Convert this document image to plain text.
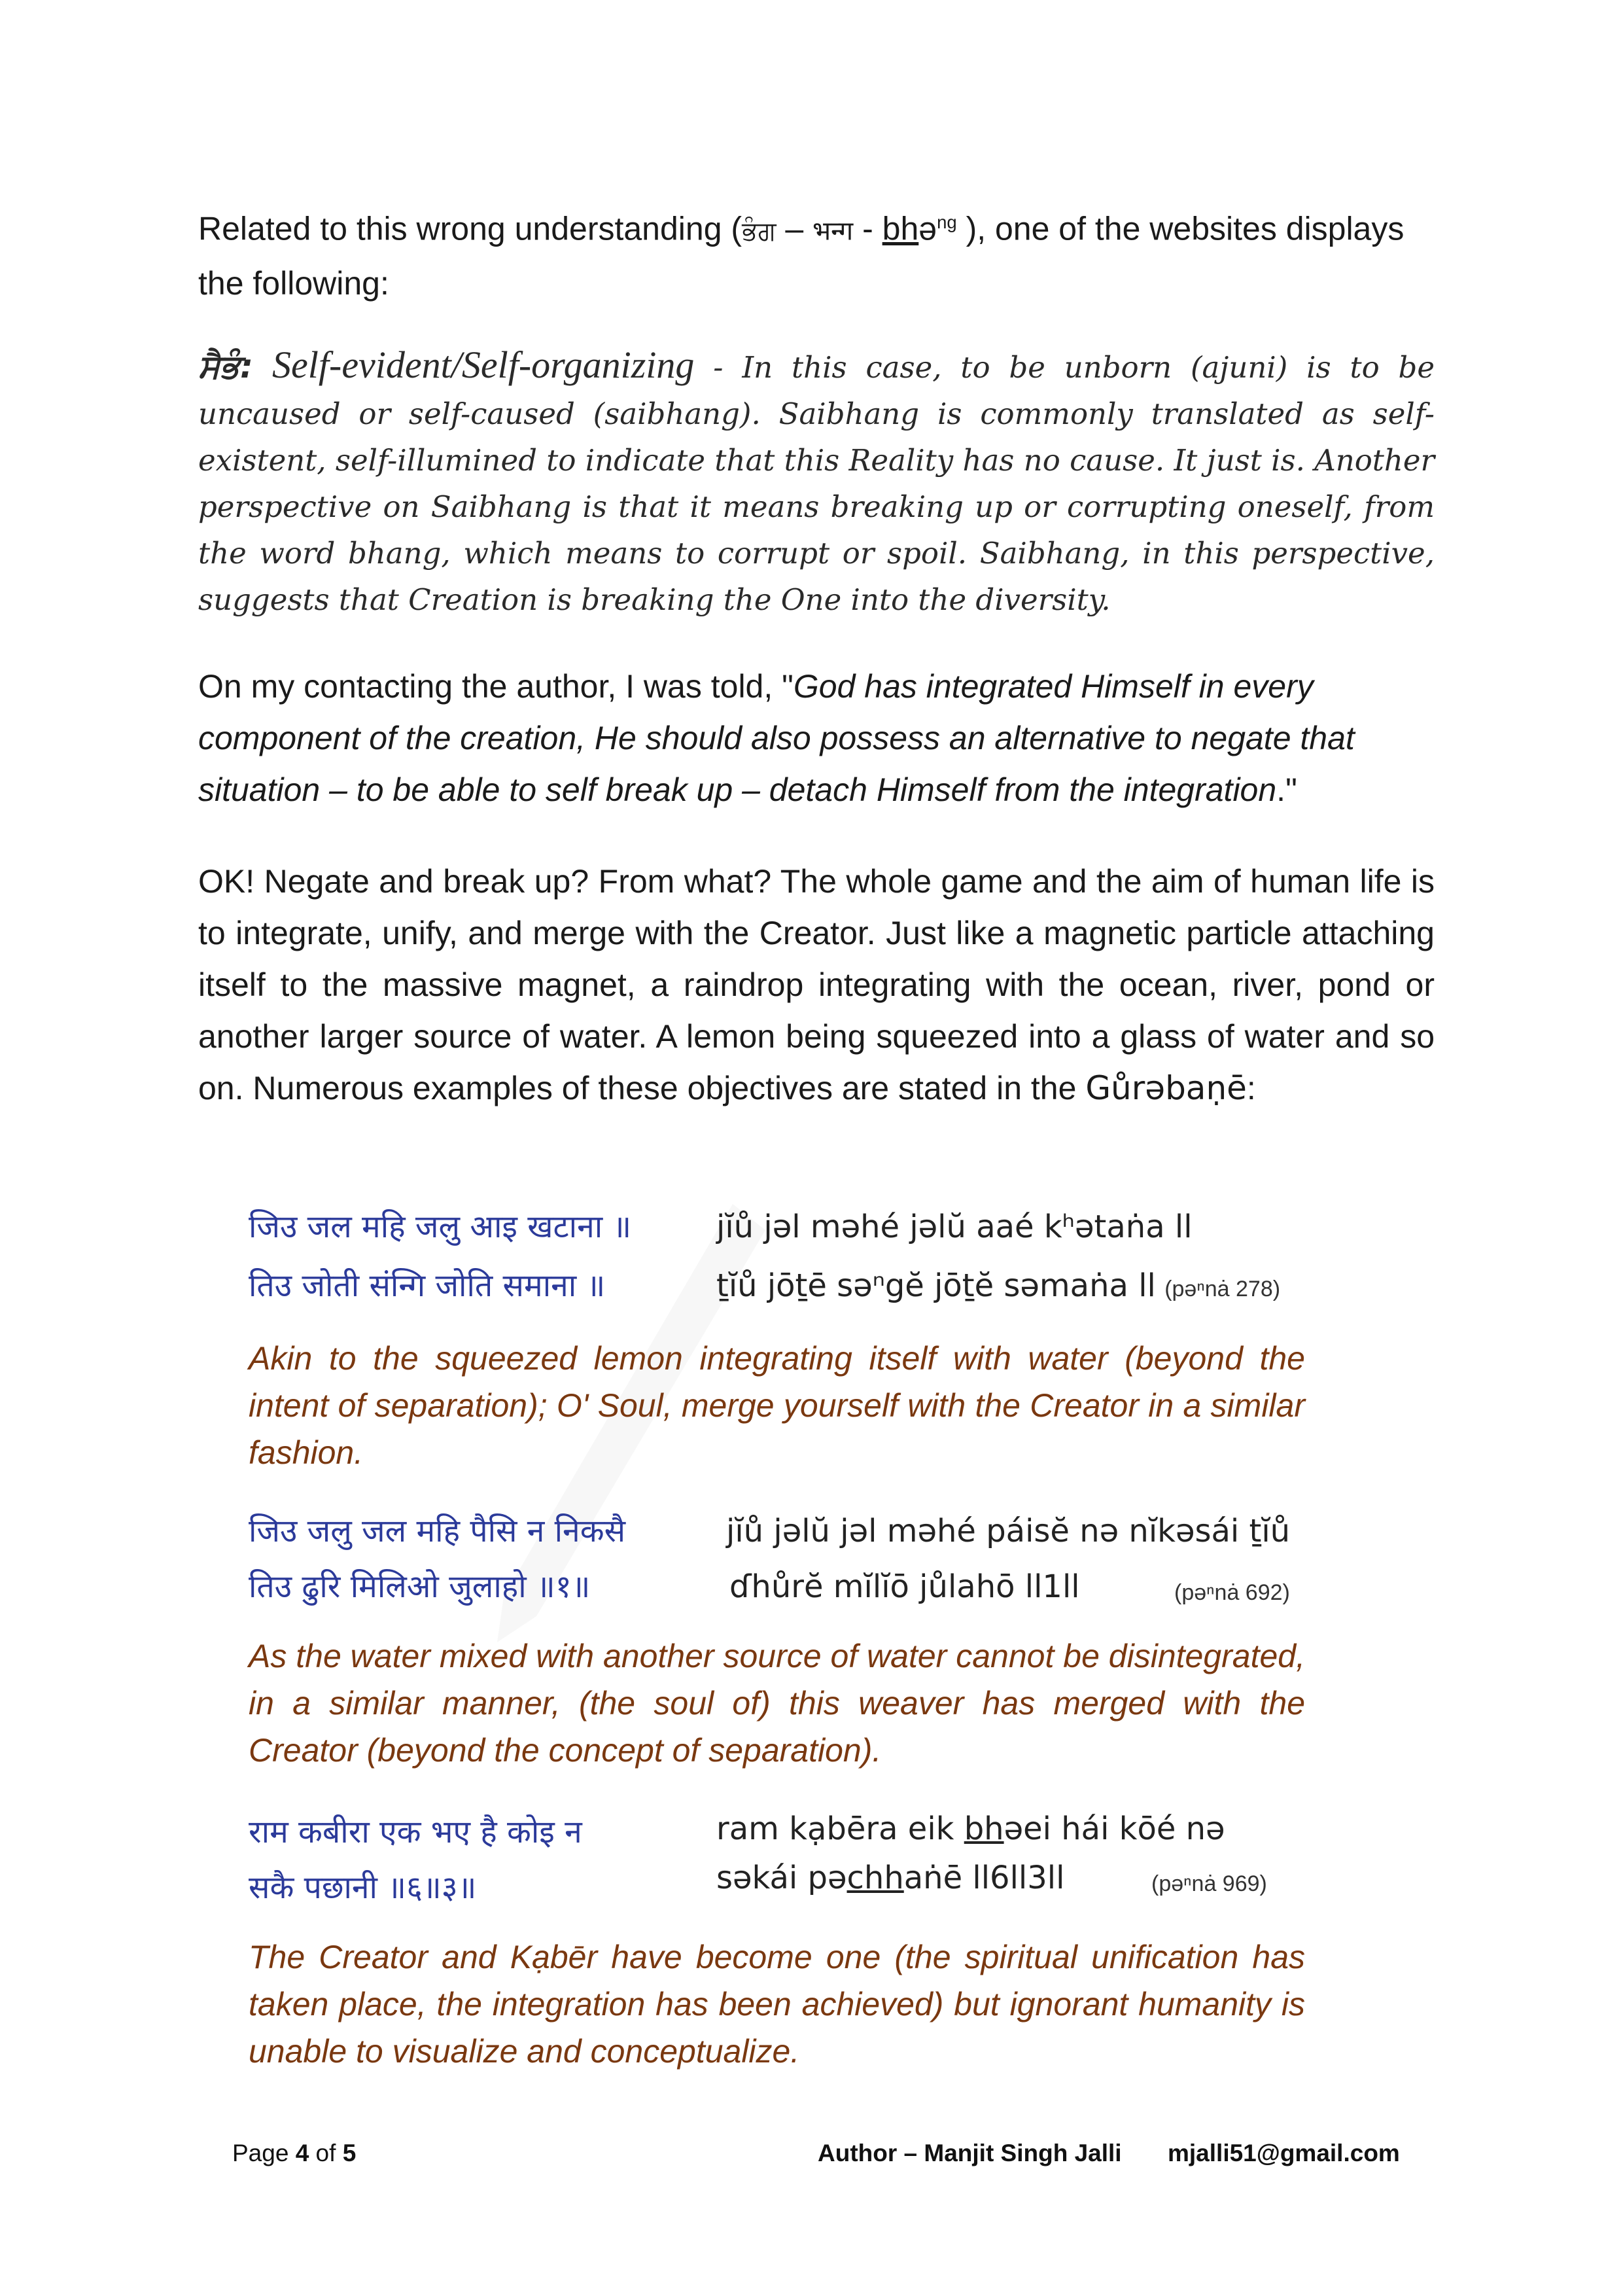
Related to this wrong understanding (ਭੰਗ – भन्ग - bhə$^{ng}$ ), one of the websites displays the following:
ਸੈਭੰ: Self-evident/Self-organizing - In this case, to be unborn (ajuni) is to be uncaused or self-caused (saibhang). Saibhang is commonly translated as self-existent, self-illumined to indicate that this Reality has no cause. It just is. Another perspective on Saibhang is that it means breaking up or corrupting oneself, from the word bhang, which means to corrupt or spoil. Saibhang, in this perspective, suggests that Creation is breaking the One into the diversity.
On my contacting the author, I was told, "God has integrated Himself in every component of the creation, He should also possess an alternative to negate that situation – to be able to self break up – detach Himself from the integration."
OK! Negate and break up? From what? The whole game and the aim of human life is to integrate, unify, and merge with the Creator. Just like a magnetic particle attaching itself to the massive magnet, a raindrop integrating with the ocean, river, pond or another larger source of water. A lemon being squeezed into a glass of water and so on. Numerous examples of these objectives are stated in the Gůrəbaṇē:
जिउ जल महि जलु आइ खटाना ॥	jĭů jəl məhé jəlŭ aaé kʰətaṅa ll
तिउ जोती संन्गि जोति समाना ॥	ṯĭů jōṯē səⁿgĕ jōṯĕ səmaṅa ll (pəⁿnȧ 278)
Akin to the squeezed lemon integrating itself with water (beyond the intent of separation); O' Soul, merge yourself with the Creator in a similar fashion.
जिउ जलु जल महि पैसि न निकसै	jĭů jəlŭ jəl məhé páisĕ nə nĭkəsái ṯĭů
तिउ ढुरि मिलिओ जुलाहो ॥१॥	ɗhůrĕ mĭlĭō jůlahō ll1ll	(pəⁿnȧ 692)
As the water mixed with another source of water cannot be disintegrated, in a similar manner, (the soul of) this weaver has merged with the Creator (beyond the concept of separation).
राम कबीरा एक भए है कोइ न	ram kạbēra eik bhəei hái kōé nə
सकै पछानी ॥६॥३॥	səkái pəchhaṅē ll6ll3ll	(pəⁿnȧ 969)
The Creator and Kạbēr have become one (the spiritual unification has taken place, the integration has been achieved) but ignorant humanity is unable to visualize and conceptualize.
Page 4 of 5	Author – Manjit Singh Jalli mjalli51@gmail.com
